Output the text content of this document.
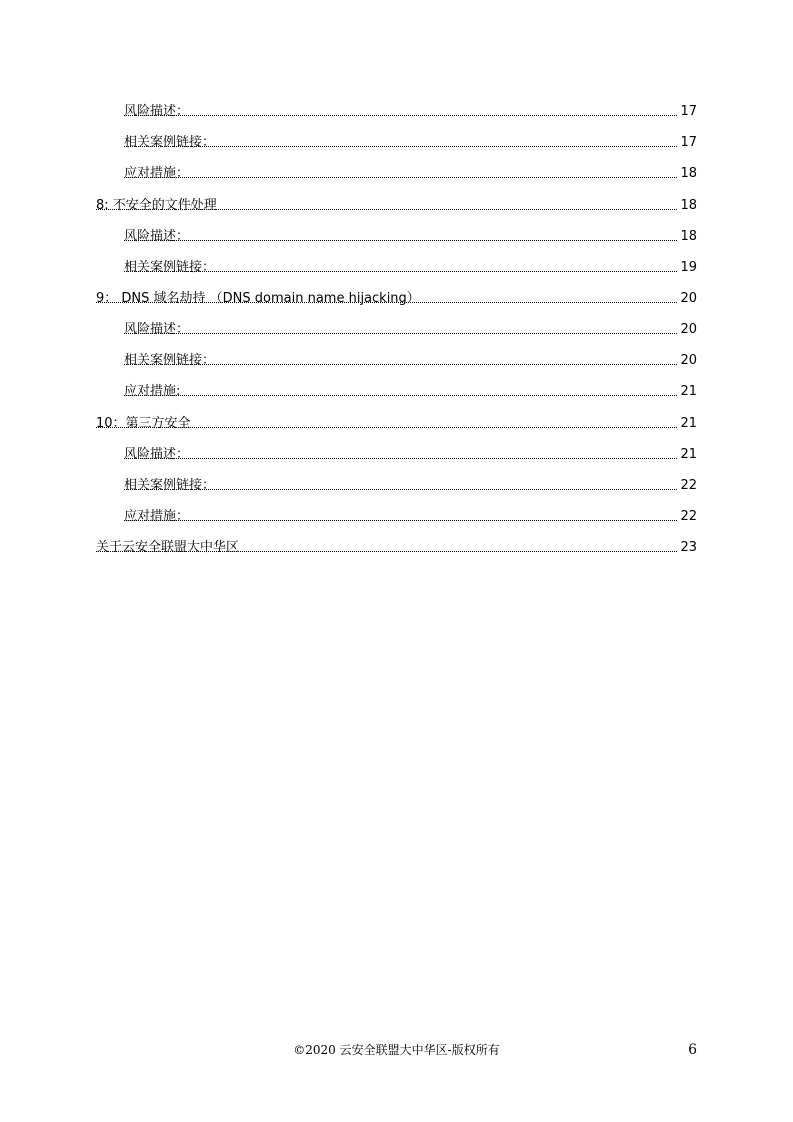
风险描述：	17
相关案例链接：	17
应对措施：	18
8: 不安全的文件处理	18
风险描述：	18
相关案例链接：	19
9： DNS 域名劫持 （DNS domain name hijacking）	20
风险描述：	20
相关案例链接：	20
应对措施:	21
10：第三方安全	21
风险描述：	21
相关案例链接：	22
应对措施：	22
关于云安全联盟大中华区	23
©2020 云安全联盟大中华区-版权所有	6
